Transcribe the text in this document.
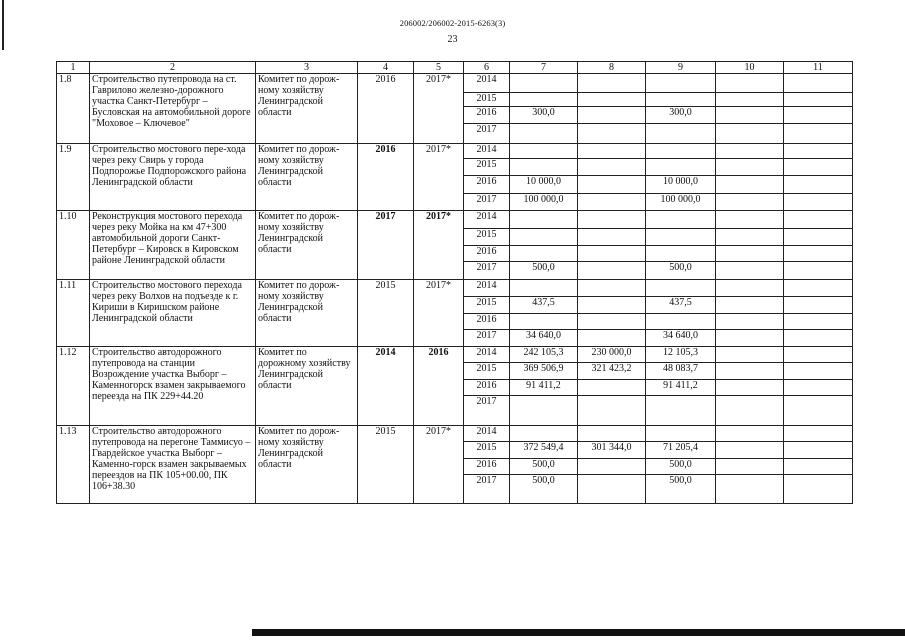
206002/206002-2015-6263(3)
23
1	2	3	4	5	6	7	8	9	10	11
1.8	Строительство путепровода на ст. Гаврилово железно-дорожного участка Санкт-Петербург – Бусловская на автомобильной дороге "Моховое – Ключевое"	Комитет по дорож-ному хозяйству Ленинградской области	2016	2017*	2014					
					2015					
					2016	300,0		300,0		
					2017					
1.9	Строительство мостового пере-хода через реку Свирь у города Подпорожье Подпорожского района Ленинградской области	Комитет по дорож-ному хозяйству Ленинградской области	2016	2017*	2014					
					2015					
					2016	10 000,0		10 000,0		
					2017	100 000,0		100 000,0		
1.10	Реконструкция мостового перехода через реку Мойка на км 47+300 автомобильной дороги Санкт-Петербург – Кировск в Кировском районе Ленинградской области	Комитет по дорож-ному хозяйству Ленинградской области	2017	2017*	2014					
					2015					
					2016					
					2017	500,0		500,0		
1.11	Строительство мостового перехода через реку Волхов на подъезде к г. Кириши в Киришском районе Ленинградской области	Комитет по дорож-ному хозяйству Ленинградской области	2015	2017*	2014					
					2015	437,5		437,5		
					2016					
					2017	34 640,0		34 640,0		
1.12	Строительство автодорожного путепровода на станции Возрождение участка Выборг – Каменногорск взамен закрываемого переезда на ПК 229+44.20	Комитет по дорожному хозяйству Ленинградской области	2014	2016	2014	242 105,3	230 000,0	12 105,3		
					2015	369 506,9	321 423,2	48 083,7		
					2016	91 411,2		91 411,2		
					2017					
1.13	Строительство автодорожного путепровода на перегоне Таммисуо – Гвардейское участка Выборг – Каменно-горск взамен закрываемых переездов на ПК 105+00.00, ПК 106+38.30	Комитет по дорож-ному хозяйству Ленинградской области	2015	2017*	2014					
					2015	372 549,4	301 344,0	71 205,4		
					2016	500,0		500,0		
					2017	500,0		500,0		
